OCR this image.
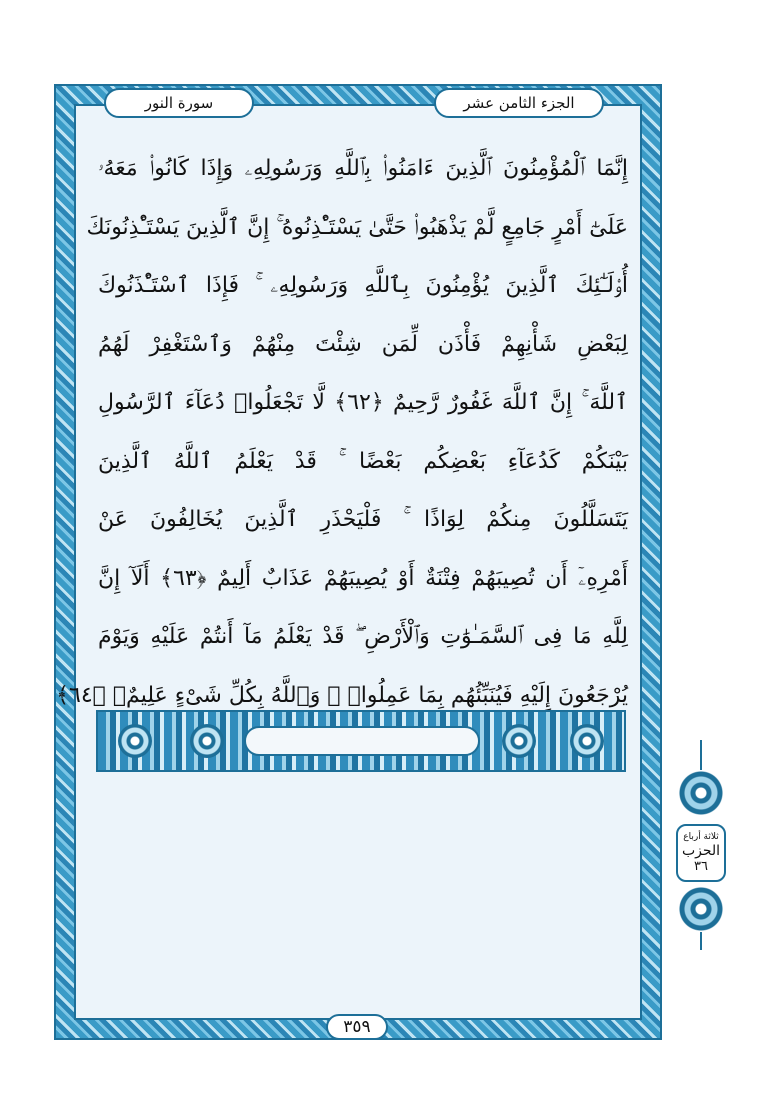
الجزء الثامن عشر
سورة النور
إِنَّمَا ٱلْمُؤْمِنُونَ ٱلَّذِينَ ءَامَنُوا۟ بِٱللَّهِ وَرَسُولِهِۦ وَإِذَا كَانُوا۟ مَعَهُۥ
عَلَىٰٓ أَمْرٍ جَامِعٍ لَّمْ يَذْهَبُوا۟ حَتَّىٰ يَسْتَـْٔذِنُوهُ ۚ إِنَّ ٱلَّذِينَ يَسْتَـْٔذِنُونَكَ
أُو۟لَـٰٓئِكَ ٱلَّذِينَ يُؤْمِنُونَ بِٱللَّهِ وَرَسُولِهِۦ ۚ فَإِذَا ٱسْتَـْٔذَنُوكَ
لِبَعْضِ شَأْنِهِمْ فَأْذَن لِّمَن شِئْتَ مِنْهُمْ وَٱسْتَغْفِرْ لَهُمُ
ٱللَّهَ ۚ إِنَّ ٱللَّهَ غَفُورٌ رَّحِيمٌ ﴿٦٢﴾ لَّا تَجْعَلُوا۟ دُعَآءَ ٱلرَّسُولِ
بَيْنَكُمْ كَدُعَآءِ بَعْضِكُم بَعْضًا ۚ قَدْ يَعْلَمُ ٱللَّهُ ٱلَّذِينَ
يَتَسَلَّلُونَ مِنكُمْ لِوَاذًا ۚ فَلْيَحْذَرِ ٱلَّذِينَ يُخَالِفُونَ عَنْ
أَمْرِهِۦٓ أَن تُصِيبَهُمْ فِتْنَةٌ أَوْ يُصِيبَهُمْ عَذَابٌ أَلِيمٌ ﴿٦٣﴾ أَلَآ إِنَّ
لِلَّهِ مَا فِى ٱلسَّمَـٰوَٰتِ وَٱلْأَرْضِ ۖ قَدْ يَعْلَمُ مَآ أَنتُمْ عَلَيْهِ وَيَوْمَ
يُرْجَعُونَ إِلَيْهِ فَيُنَبِّئُهُم بِمَا عَمِلُوا۟ ۗ وَٱللَّهُ بِكُلِّ شَىْءٍ عَلِيمٌۢ ﴿٦٤﴾
٣٥٩
ثلاثة أرباع
الحزب
٣٦
